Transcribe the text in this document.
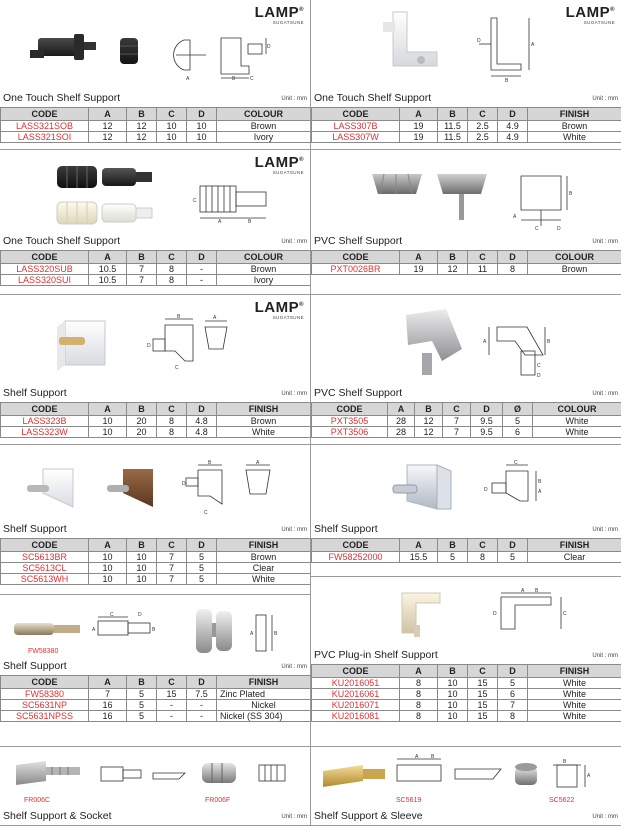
D
B	C
A
LAMP®
SUGATSUNE
One Touch Shelf Support	Unit : mm
CODE	A	B	C	D	COLOUR
LASS321SOB	12	12	10	10	Brown
LASS321SOI	12	12	10	10	Ivory
C
A	B
LAMP®
SUGATSUNE
One Touch Shelf Support	Unit : mm
CODE	A	B	C	D	COLOUR
LASS320SUB	10.5	7	8	-	Brown
LASS320SUI	10.5	7	8	-	Ivory
B	A
D
C
LAMP®
SUGATSUNE
Shelf Support	Unit : mm
CODE	A	B	C	D	FINISH
LASS323B	10	20	8	4.8	Brown
LASS323W	10	20	8	4.8	White
B	A
D
C
Shelf Support	Unit : mm
CODE	A	B	C	D	FINISH
SC5613BR	10	10	7	5	Brown
SC5613CL	10	10	7	5	Clear
SC5613WH	10	10	7	5	White
C	D
A	B
A	B
Shelf Support	Unit : mm
FW58380
CODE	A	B	C	D	FINISH
FW58380	7	5	15	7.5	Zinc Plated
SC5631NP	16	5	-	-	Nickel
SC5631NPSS	16	5	-	-	Nickel (SS 304)
Shelf Support & Socket	Unit : mm
FR006C	FR006F
A
B
D
LAMP®
SUGATSUNE
One Touch Shelf Support	Unit : mm
CODE	A	B	C	D	FINISH
LASS307B	19	11.5	2.5	4.9	Brown
LASS307W	19	11.5	2.5	4.9	White
B
C	D
A
PVC Shelf Support	Unit : mm
CODE	A	B	C	D	COLOUR
PXT0026BR	19	12	11	8	Brown
A	B
C
D
PVC Shelf Support	Unit : mm
CODE	A	B	C	D	Ø	COLOUR
PXT3505	28	12	7	9.5	5	White
PXT3506	28	12	7	9.5	6	White
C
B
A
D
Shelf Support	Unit : mm
CODE	A	B	C	D	FINISH
FW58252000	15.5	5	8	5	Clear
A B
C
D
PVC Plug-in Shelf Support	Unit : mm
CODE	A	B	C	D	FINISH
KU2016051	8	10	15	5	White
KU2016061	8	10	15	6	White
KU2016071	8	10	15	7	White
KU2016081	8	10	15	8	White
A	B
A
B
Shelf Support & Sleeve	Unit : mm
SC5619	SC5622
